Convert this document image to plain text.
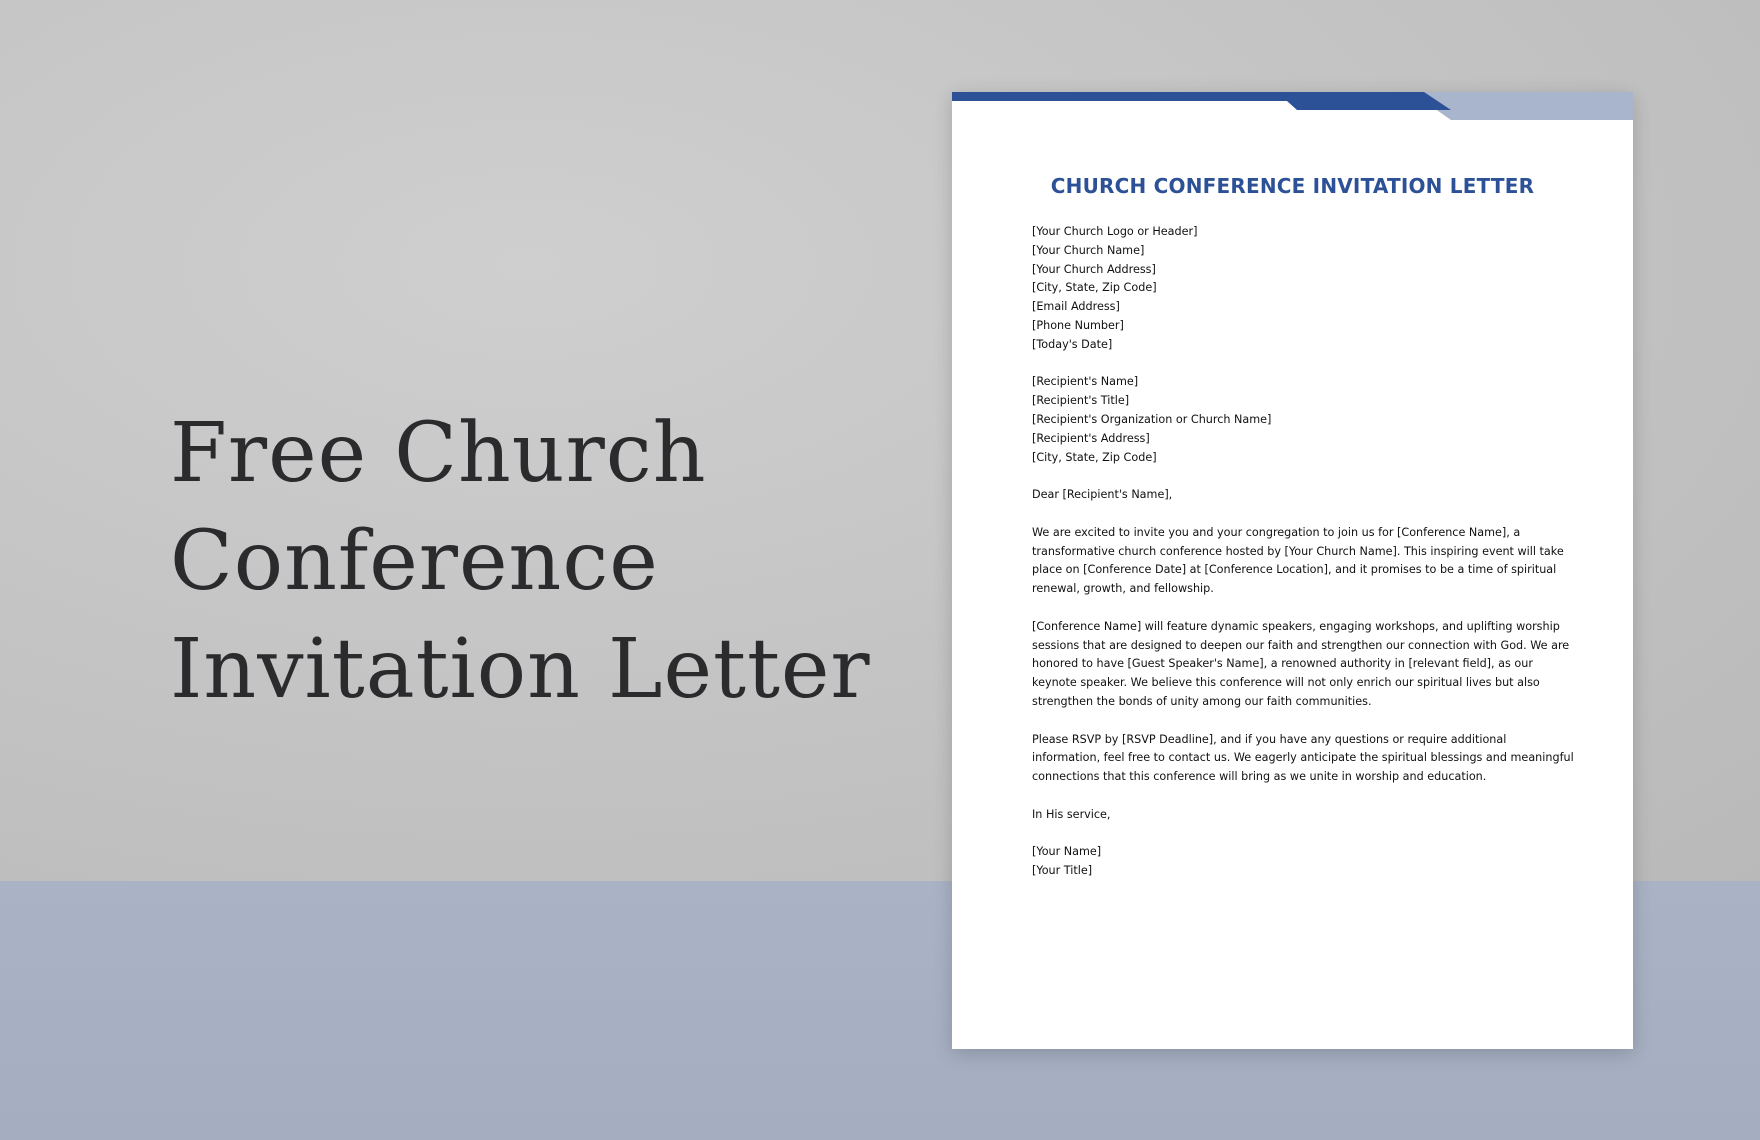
Free Church
Conference
Invitation Letter
CHURCH CONFERENCE INVITATION LETTER
[Your Church Logo or Header]
[Your Church Name]
[Your Church Address]
[City, State, Zip Code]
[Email Address]
[Phone Number]
[Today's Date]
[Recipient's Name]
[Recipient's Title]
[Recipient's Organization or Church Name]
[Recipient's Address]
[City, State, Zip Code]
Dear [Recipient's Name],
We are excited to invite you and your congregation to join us for [Conference Name], a
transformative church conference hosted by [Your Church Name]. This inspiring event will take
place on [Conference Date] at [Conference Location], and it promises to be a time of spiritual
renewal, growth, and fellowship.
[Conference Name] will feature dynamic speakers, engaging workshops, and uplifting worship
sessions that are designed to deepen our faith and strengthen our connection with God. We are
honored to have [Guest Speaker's Name], a renowned authority in [relevant field], as our
keynote speaker. We believe this conference will not only enrich our spiritual lives but also
strengthen the bonds of unity among our faith communities.
Please RSVP by [RSVP Deadline], and if you have any questions or require additional
information, feel free to contact us. We eagerly anticipate the spiritual blessings and meaningful
connections that this conference will bring as we unite in worship and education.
In His service,
[Your Name]
[Your Title]
